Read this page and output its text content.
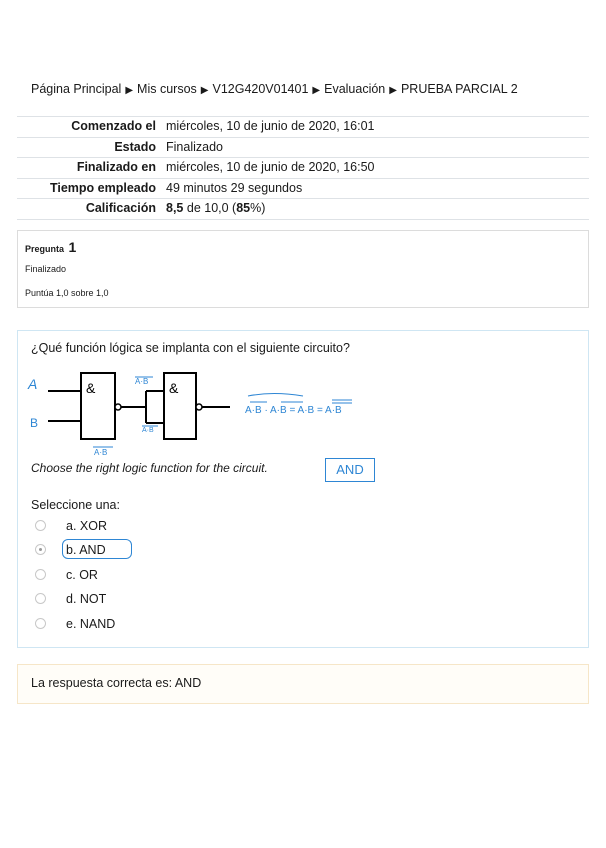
Página Principal ▶ Mis cursos ▶ V12G420V01401 ▶ Evaluación ▶ PRUEBA PARCIAL 2
Comenzado el	miércoles, 10 de junio de 2020, 16:01
Estado	Finalizado
Finalizado en	miércoles, 10 de junio de 2020, 16:50
Tiempo empleado	49 minutos 29 segundos
Calificación	8,5 de 10,0 (85%)
Pregunta 1
Finalizado
Puntúa 1,0 sobre 1,0
¿Qué función lógica se implanta con el siguiente circuito?
A
B
&	&
A·B
A·B
A·B
A·B · A·B = A·B = A·B
Choose the right logic function for the circuit.	AND
Seleccione una:
a. XOR
b. AND
c. OR
d. NOT
e. NAND
La respuesta correcta es: AND
